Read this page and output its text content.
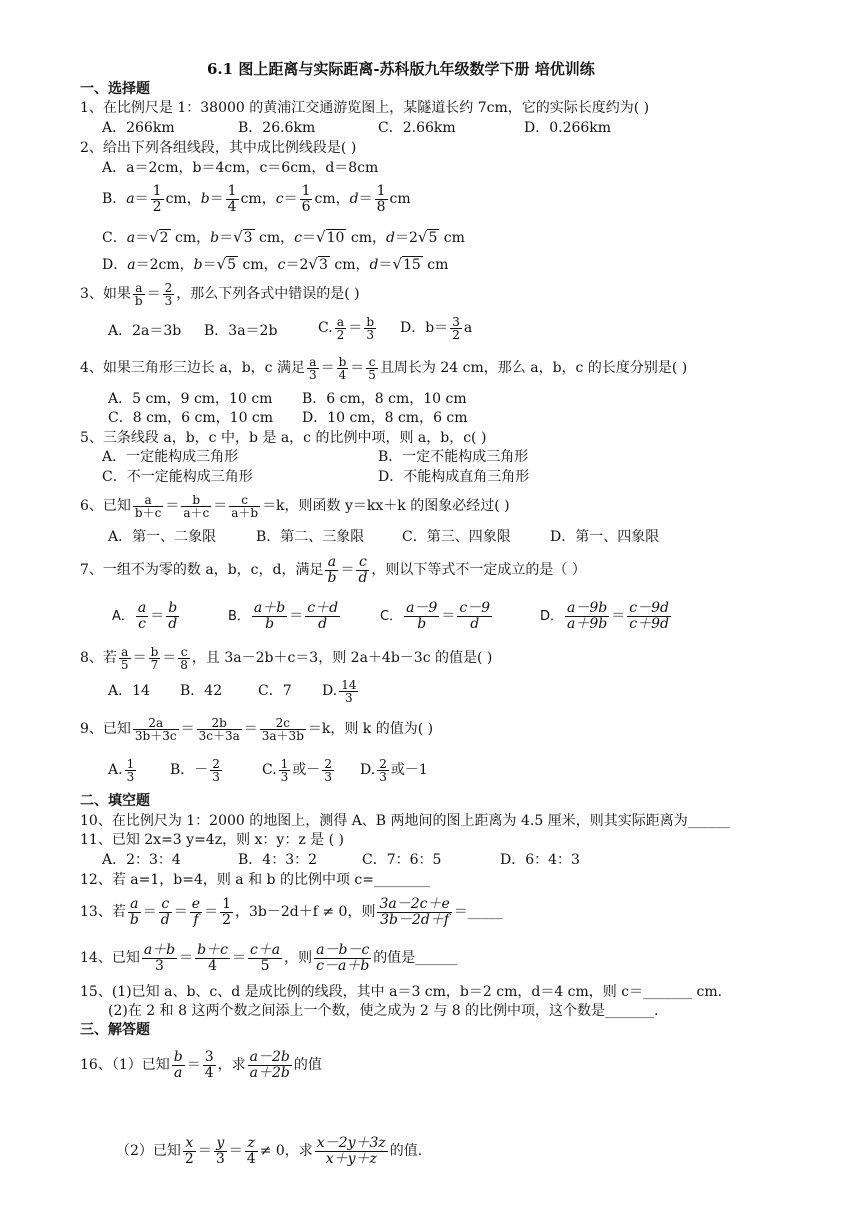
6.1 图上距离与实际距离-苏科版九年级数学下册 培优训练
一、选择题
1、在比例尺是 1：38000 的黄浦江交通游览图上，某隧道长约 7cm，它的实际长度约为( )
A．266km	B．26.6km	C．2.66km	D．0.266km
2、给出下列各组线段，其中成比例线段是( )
A．a＝2cm，b＝4cm，c＝6cm，d＝8cm
B．$a= \frac{1}{2}$ cm，$b= \frac{1}{4}$ cm，$c= \frac{1}{6}$ cm，$d= \frac{1}{8}$ cm
C．a＝√2 cm，b＝√3 cm，c＝√10 cm，d＝2√5 cm
D．a＝2cm，b＝√5 cm，c＝2√3 cm，d＝√15 cm
3、如果 $\frac{a}{b} = \frac{2}{3}$ ，那么下列各式中错误的是( )
A．2a＝3b B．3a＝2b	C. $\frac{a}{2} = \frac{b}{3}$ D．$b= \frac{3}{2}$ a
4、如果三角形三边长 a，b，c 满足 $\frac{a}{3} = \frac{b}{4} = \frac{c}{5}$ 且周长为 24 cm，那么 a，b，c 的长度分别是( )
A．5 cm，9 cm，10 cm B．6 cm，8 cm，10 cm
C．8 cm，6 cm，10 cm D．10 cm，8 cm，6 cm
5、三条线段 a，b，c 中，b 是 a，c 的比例中项，则 a，b，c( )
A．一定能构成三角形	B．一定不能构成三角形
C．不一定能构成三角形	D．不能构成直角三角形
6、已知 $\frac{a}{b+c} = \frac{b}{a+c} = \frac{c}{a+b} =k$，则函数 y＝kx＋k 的图象必经过( )
A．第一、二象限	B．第二、三象限	C．第三、四象限	D．第一、四象限
7、一组不为零的数 a，b，c，d，满足 $\frac{a}{b} = \frac{c}{d}$ ，则以下等式不一定成立的是（ ）
A． $\frac{a}{c} = \frac{b}{d}$	B． $\frac{a+b}{b} = \frac{c+d}{d}$	C． $\frac{a-9}{b} = \frac{c-9}{d}$	D． $\frac{a-9b}{a+9b} = \frac{c-9d}{c+9d}$
8、若 $\frac{a}{5} = \frac{b}{7} = \frac{c}{8}$ ，且 3a－2b＋c＝3，则 2a＋4b－3c 的值是( )
A．14 B．42	C．7 D. $\frac{14}{3}$
9、已知 $\frac{2a}{3b+3c} = \frac{2b}{3c+3a} = \frac{2c}{3a+3b} =k$，则 k 的值为( )
A. $\frac{1}{3}$ B．－ $\frac{2}{3}$	C. $\frac{1}{3}$ 或－ $\frac{2}{3} D$. $\frac{2}{3}$ 或－1
二、填空题
10、在比例尺为 1：2000 的地图上，测得 A、B 两地间的图上距离为 4.5 厘米，则其实际距离为______
11、已知 2x=3 y=4z，则 x：y：z 是 ( )
A．2：3：4	B．4：3：2	C．7：6：5	D．6：4：3
12、若 a=1，b=4，则 a 和 b 的比例中项 c=________
13、若 $\frac{a}{b} = \frac{c}{d} = \frac{e}{f} = \frac{1}{2}$ ，3b－2d＋f ≠ 0，则 $\frac{3a-2c+e}{3b-2d+f}$ ＝_____
14、已知 $\frac{a+b}{3} = \frac{b+c}{4} = \frac{c+a}{5}$ ，则 $\frac{a-b-c}{c-a+b}$ 的值是______
15、(1)已知 a、b、c、d 是成比例的线段，其中 a＝3 cm，b＝2 cm，d＝4 cm，则 c＝_______ cm.
(2)在 2 和 8 这两个数之间添上一个数，使之成为 2 与 8 的比例中项，这个数是_______.
三、解答题
16、（1）已知 $\frac{b}{a} = \frac{3}{4}$ ，求 $\frac{a-2b}{a+2b}$ 的值
（2）已知 $\frac{x}{2} = \frac{y}{3} = \frac{z}{4} \ne 0$，求 $\frac{x-2y+3z}{x+y+z}$ 的值.
